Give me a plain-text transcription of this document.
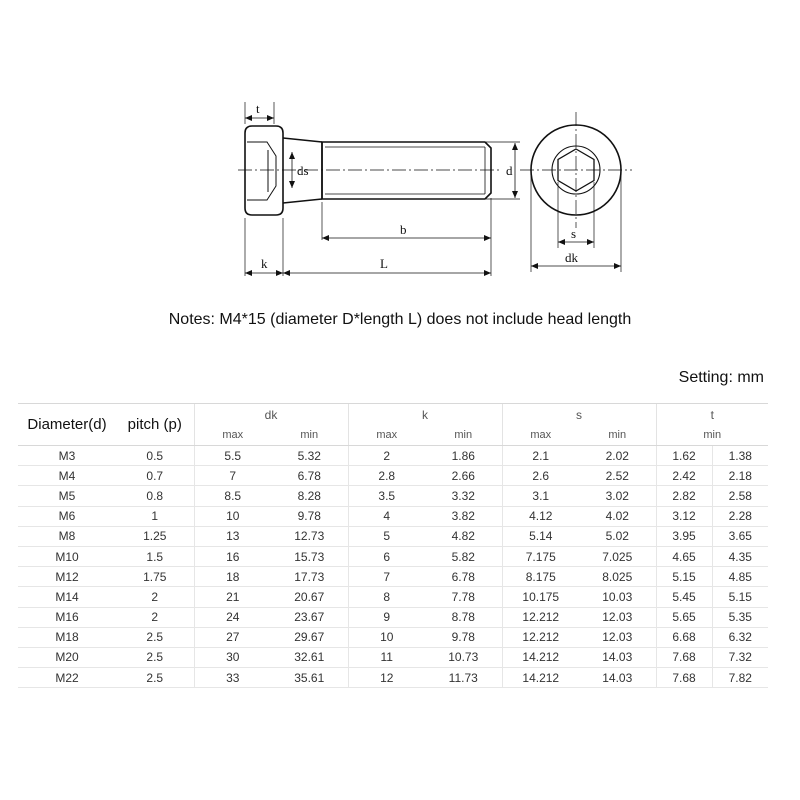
t
ds	d
b
k	L
s
dk
Notes: M4*15 (diameter D*length L) does not include head length
Setting: mm
Diameter(d)	pitch (p)	dk		k		s		t	
		max	min	max	min	max	min	min	
M3	0.5	5.5	5.32	2	1.86	2.1	2.02	1.62	1.38
M4	0.7	7	6.78	2.8	2.66	2.6	2.52	2.42	2.18
M5	0.8	8.5	8.28	3.5	3.32	3.1	3.02	2.82	2.58
M6	1	10	9.78	4	3.82	4.12	4.02	3.12	2.28
M8	1.25	13	12.73	5	4.82	5.14	5.02	3.95	3.65
M10	1.5	16	15.73	6	5.82	7.175	7.025	4.65	4.35
M12	1.75	18	17.73	7	6.78	8.175	8.025	5.15	4.85
M14	2	21	20.67	8	7.78	10.175	10.03	5.45	5.15
M16	2	24	23.67	9	8.78	12.212	12.03	5.65	5.35
M18	2.5	27	29.67	10	9.78	12.212	12.03	6.68	6.32
M20	2.5	30	32.61	11	10.73	14.212	14.03	7.68	7.32
M22	2.5	33	35.61	12	11.73	14.212	14.03	7.68	7.82
